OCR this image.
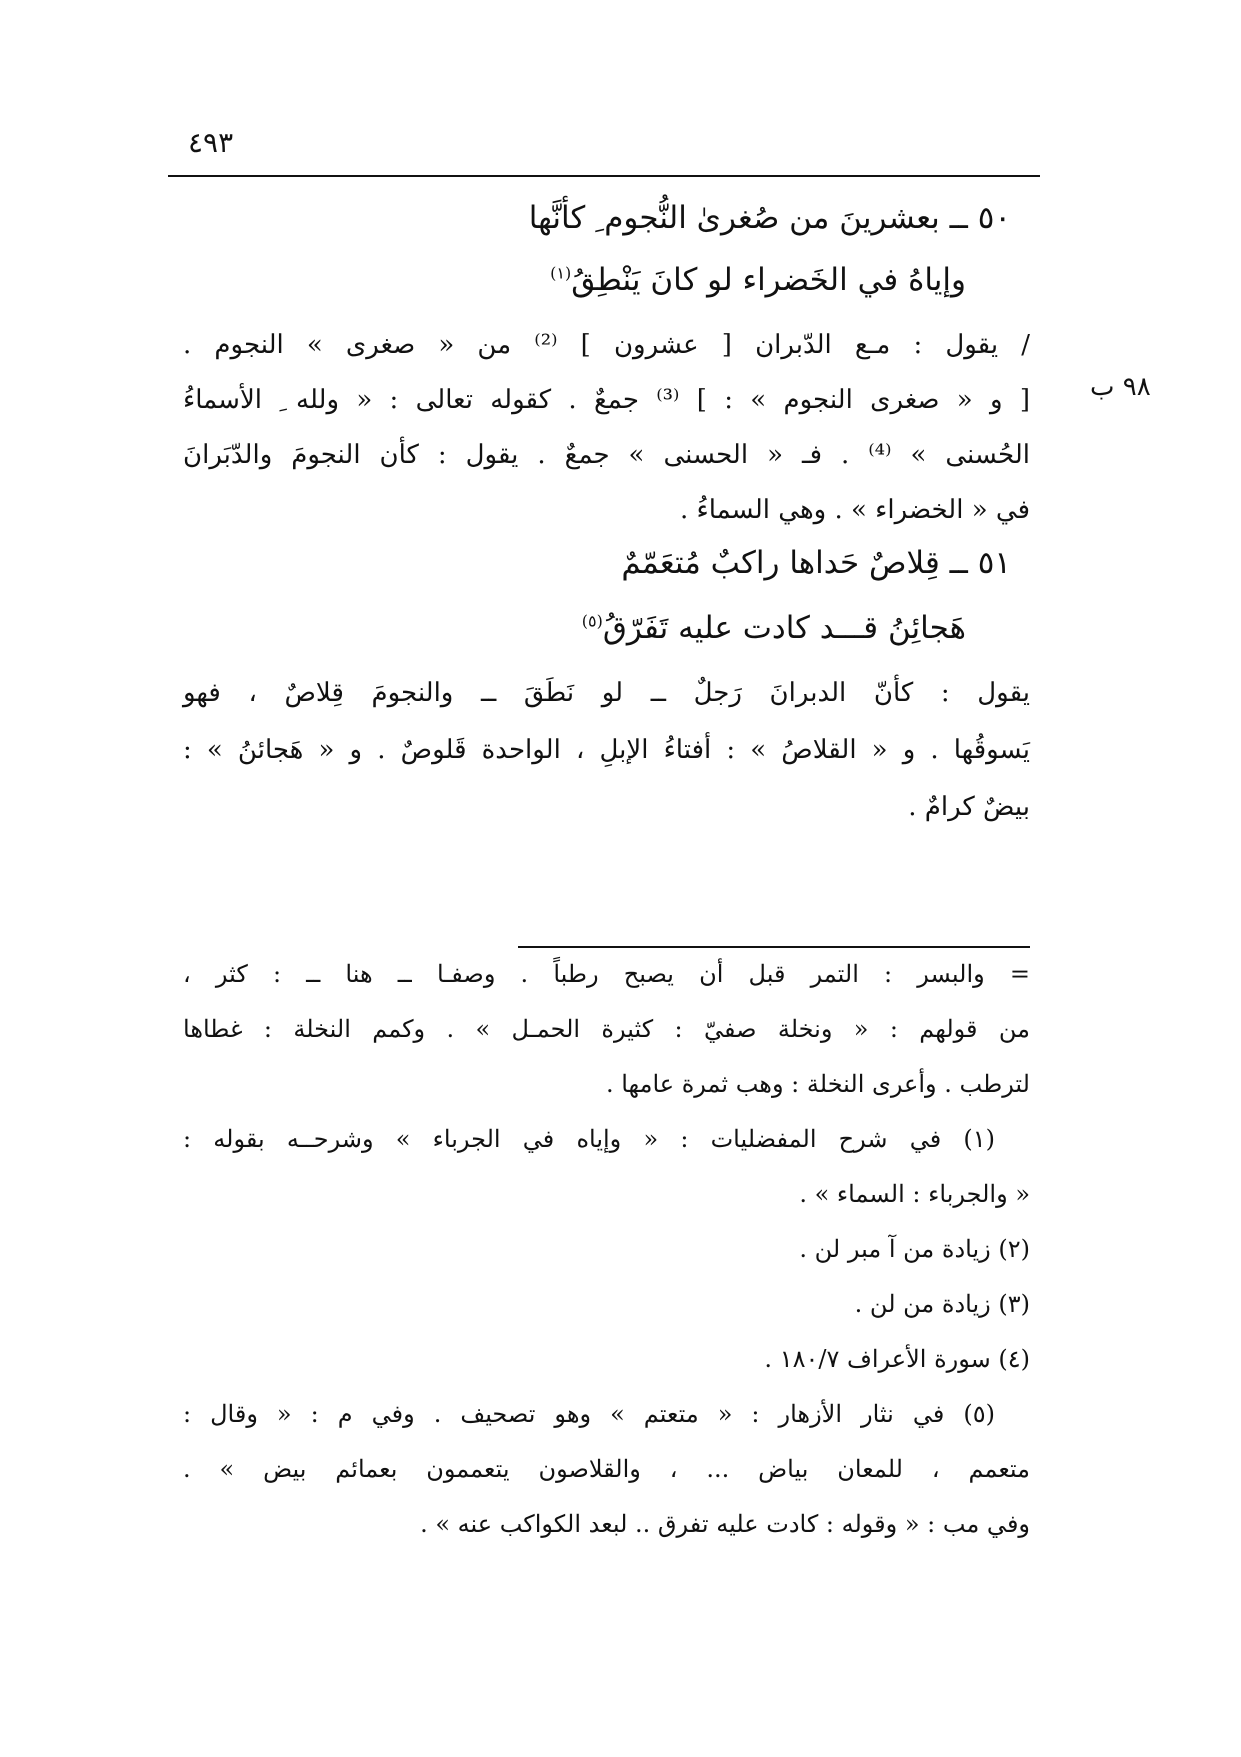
٤٩٣
٩٨ ب
٥٠ ــ بعشرينَ من صُغرىٰ النُّجوم ِ كأنَّها
وإياهُ في الخَضراء لو كانَ يَنْطِقُ$^{(١)}$
/ يقول : مـع الدّبران [ عشرون ] ⁽²⁾ من « صغرى » النجوم .
[ و « صغرى النجوم » : ] ⁽³⁾ جمعٌ . كقوله تعالى : « ولله ِ الأسماءُ
الحُسنى » ⁽⁴⁾ . فـ « الحسنى » جمعٌ . يقول : كأن النجومَ والدّبَرانَ
في « الخضراء » . وهي السماءُ .
٥١ ــ قِلاصٌ حَداها راكبٌ مُتعَمّمٌ
هَجائِنُ قـــد كادت عليه تَفَرّقُ$^{(٥)}$
يقول : كأنّ الدبرانَ رَجلٌ ــ لو نَطَقَ ــ والنجومَ قِلاصٌ ، فهو
يَسوقُها . و « القلاصُ » : أفتاءُ الإبلِ ، الواحدة قَلوصٌ . و « هَجائنُ » :
بيضٌ كرامٌ .
= والبسر : التمر قبل أن يصبح رطباً . وصفـا ــ هنا ــ : كثر ،
من قولهم : « ونخلة صفيّ : كثيرة الحمـل » . وكمم النخلة : غطاها
لترطب . وأعرى النخلة : وهب ثمرة عامها .
(١) في شرح المفضليات : « وإياه في الجرباء » وشرحــه بقوله :
« والجرباء : السماء » .
(٢) زيادة من آ مبر لن .
(٣) زيادة من لن .
(٤) سورة الأعراف ١٨٠/٧ .
(٥) في نثار الأزهار : « متعتم » وهو تصحيف . وفي م : « وقال :
متعمم ، للمعان بياض ... ، والقلاصون يتعممون بعمائم بيض » .
وفي مب : « وقوله : كادت عليه تفرق .. لبعد الكواكب عنه » .
